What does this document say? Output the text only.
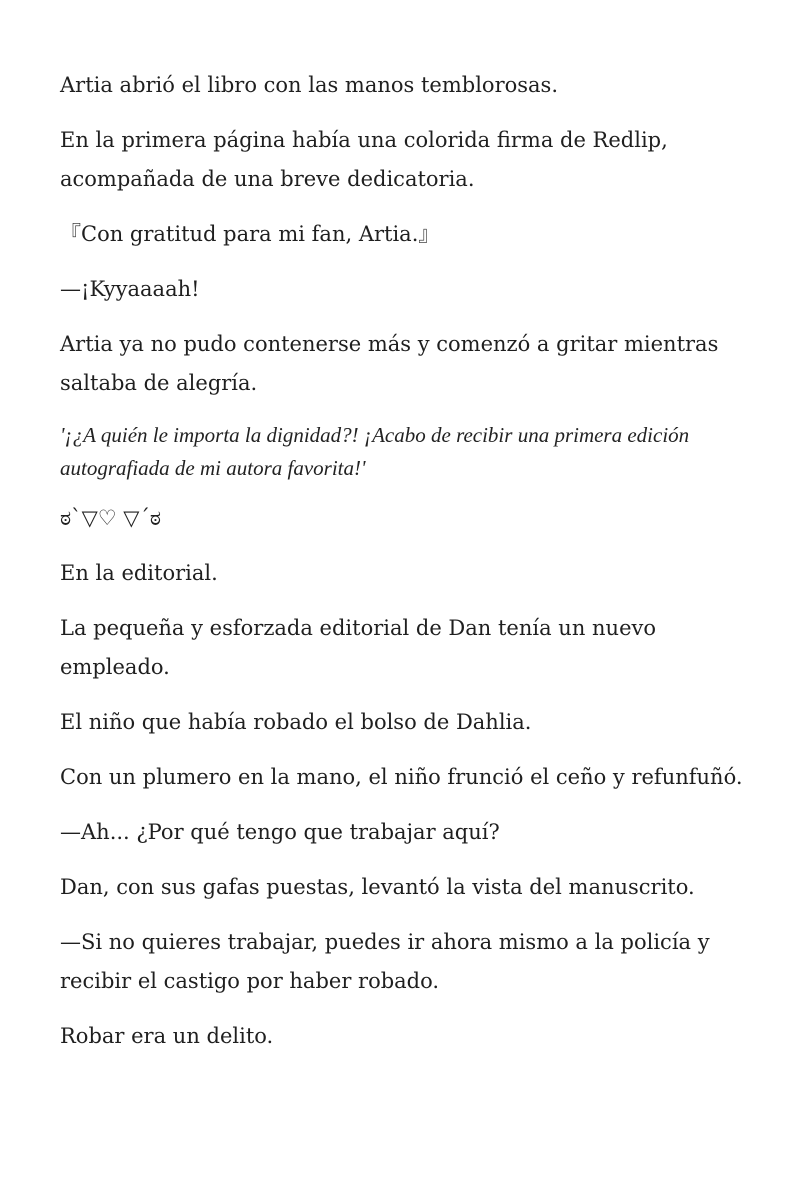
Artia abrió el libro con las manos temblorosas.

En la primera página había una colorida firma de Redlip, acompañada de una breve dedicatoria.

『Con gratitud para mi fan, Artia.』

—¡Kyyaaaah!

Artia ya no pudo contenerse más y comenzó a gritar mientras saltaba de alegría.

'¡¿A quién le importa la dignidad?! ¡Acabo de recibir una primera edición autografiada de mi autora favorita!'

ಠ`▽♡ ▽´ಠ

En la editorial.

La pequeña y esforzada editorial de Dan tenía un nuevo empleado.

El niño que había robado el bolso de Dahlia.

Con un plumero en la mano, el niño frunció el ceño y refunfuñó.

—Ah... ¿Por qué tengo que trabajar aquí?

Dan, con sus gafas puestas, levantó la vista del manuscrito.

—Si no quieres trabajar, puedes ir ahora mismo a la policía y recibir el castigo por haber robado.

Robar era un delito.
